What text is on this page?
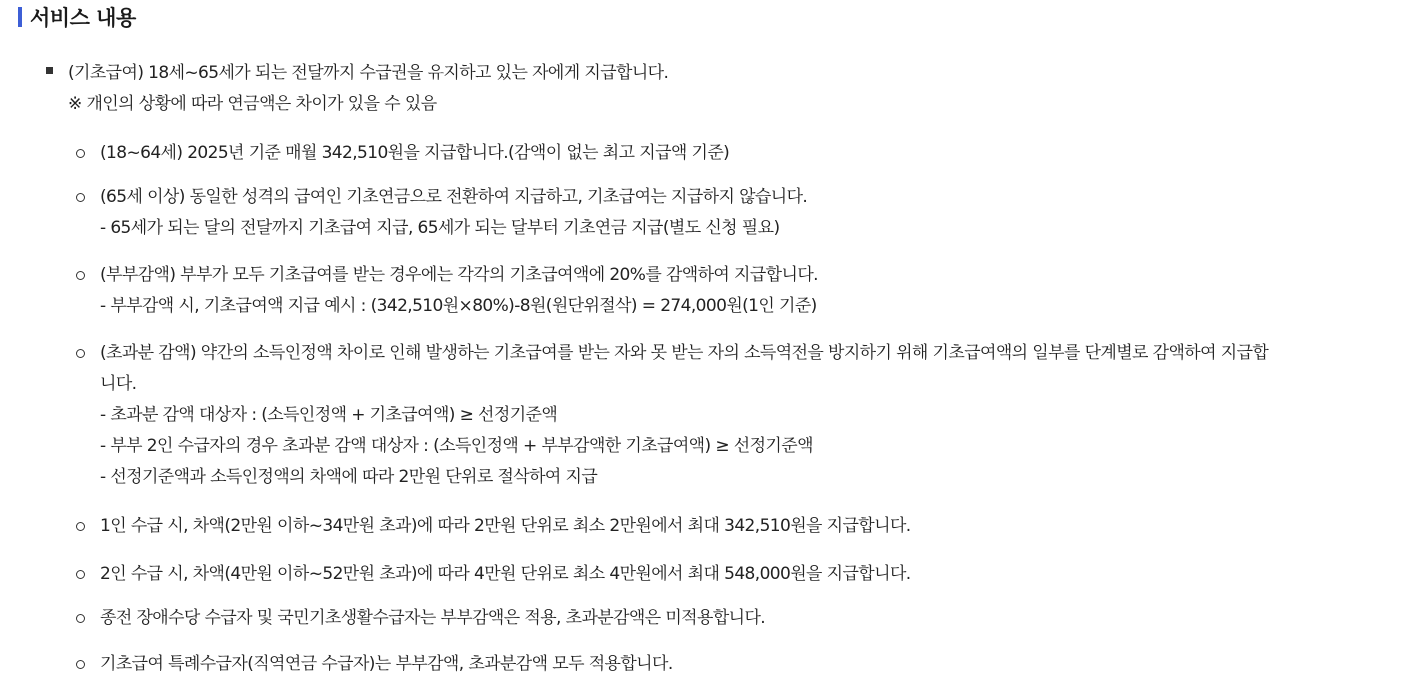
서비스 내용
(기초급여) 18세~65세가 되는 전달까지 수급권을 유지하고 있는 자에게 지급합니다.
※ 개인의 상황에 따라 연금액은 차이가 있을 수 있음
(18~64세) 2025년 기준 매월 342,510원을 지급합니다.(감액이 없는 최고 지급액 기준)
(65세 이상) 동일한 성격의 급여인 기초연금으로 전환하여 지급하고, 기초급여는 지급하지 않습니다.
- 65세가 되는 달의 전달까지 기초급여 지급, 65세가 되는 달부터 기초연금 지급(별도 신청 필요)
(부부감액) 부부가 모두 기초급여를 받는 경우에는 각각의 기초급여액에 20%를 감액하여 지급합니다.
- 부부감액 시, 기초급여액 지급 예시 : (342,510원×80%)-8원(원단위절삭) = 274,000원(1인 기준)
(초과분 감액) 약간의 소득인정액 차이로 인해 발생하는 기초급여를 받는 자와 못 받는 자의 소득역전을 방지하기 위해 기초급여액의 일부를 단계별로 감액하여 지급합
니다.
- 초과분 감액 대상자 : (소득인정액 + 기초급여액) ≥ 선정기준액
- 부부 2인 수급자의 경우 초과분 감액 대상자 : (소득인정액 + 부부감액한 기초급여액) ≥ 선정기준액
- 선정기준액과 소득인정액의 차액에 따라 2만원 단위로 절삭하여 지급
1인 수급 시, 차액(2만원 이하~34만원 초과)에 따라 2만원 단위로 최소 2만원에서 최대 342,510원을 지급합니다.
2인 수급 시, 차액(4만원 이하~52만원 초과)에 따라 4만원 단위로 최소 4만원에서 최대 548,000원을 지급합니다.
종전 장애수당 수급자 및 국민기초생활수급자는 부부감액은 적용, 초과분감액은 미적용합니다.
기초급여 특례수급자(직역연금 수급자)는 부부감액, 초과분감액 모두 적용합니다.
